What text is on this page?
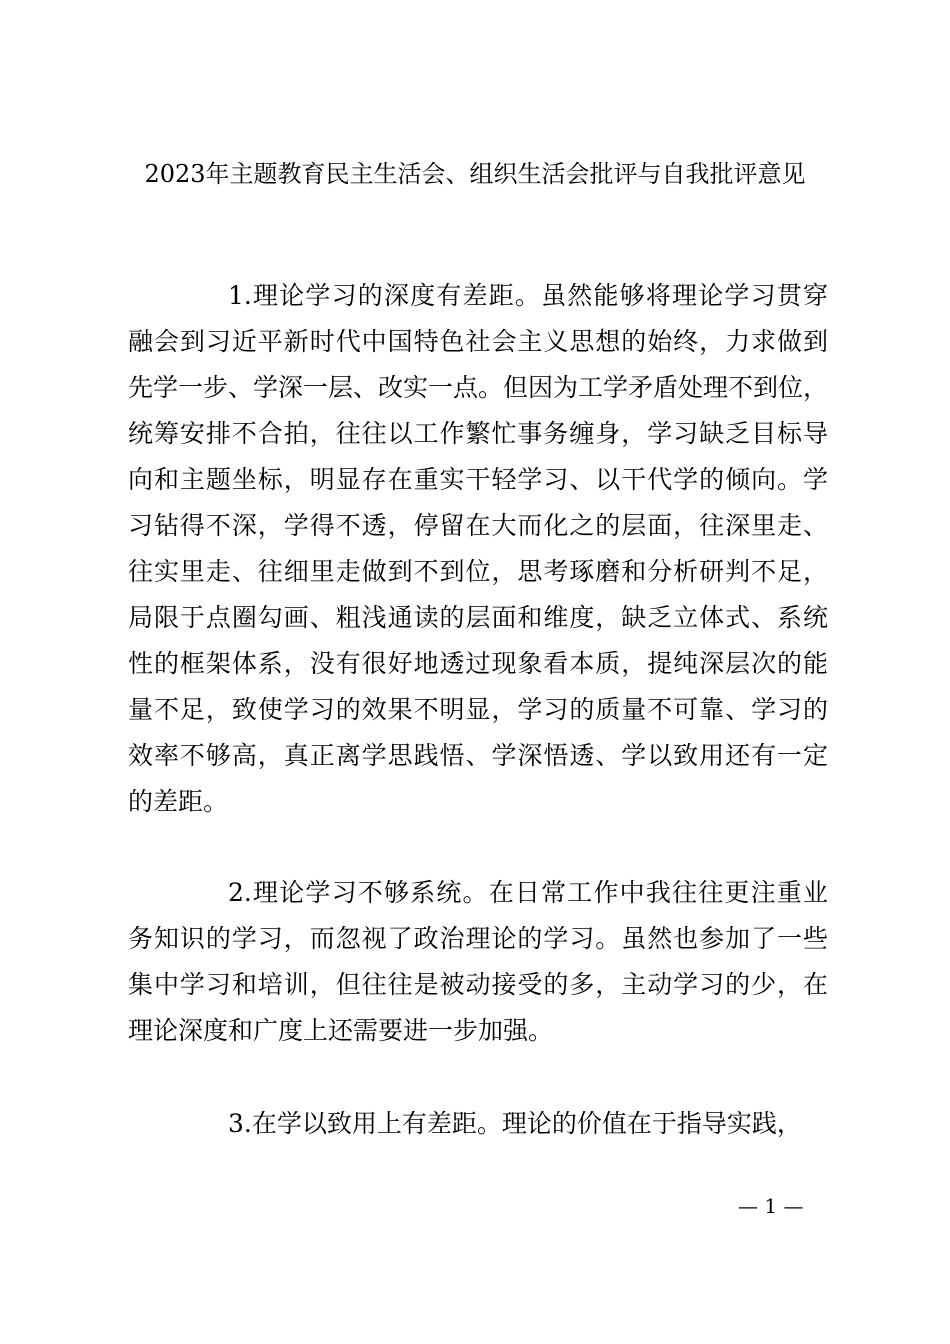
2023年主题教育民主生活会、组织生活会批评与自我批评意见
1.理论学习的深度有差距。虽然能够将理论学习贯穿
融会到习近平新时代中国特色社会主义思想的始终，力求做到
先学一步、学深一层、改实一点。但因为工学矛盾处理不到位，
统筹安排不合拍，往往以工作繁忙事务缠身，学习缺乏目标导
向和主题坐标，明显存在重实干轻学习、以干代学的倾向。学
习钻得不深，学得不透，停留在大而化之的层面，往深里走、
往实里走、往细里走做到不到位，思考琢磨和分析研判不足，
局限于点圈勾画、粗浅通读的层面和维度，缺乏立体式、系统
性的框架体系，没有很好地透过现象看本质，提纯深层次的能
量不足，致使学习的效果不明显，学习的质量不可靠、学习的
效率不够高，真正离学思践悟、学深悟透、学以致用还有一定
的差距。
2.理论学习不够系统。在日常工作中我往往更注重业
务知识的学习，而忽视了政治理论的学习。虽然也参加了一些
集中学习和培训，但往往是被动接受的多，主动学习的少，在
理论深度和广度上还需要进一步加强。
3.在学以致用上有差距。理论的价值在于指导实践，
— 1 —
